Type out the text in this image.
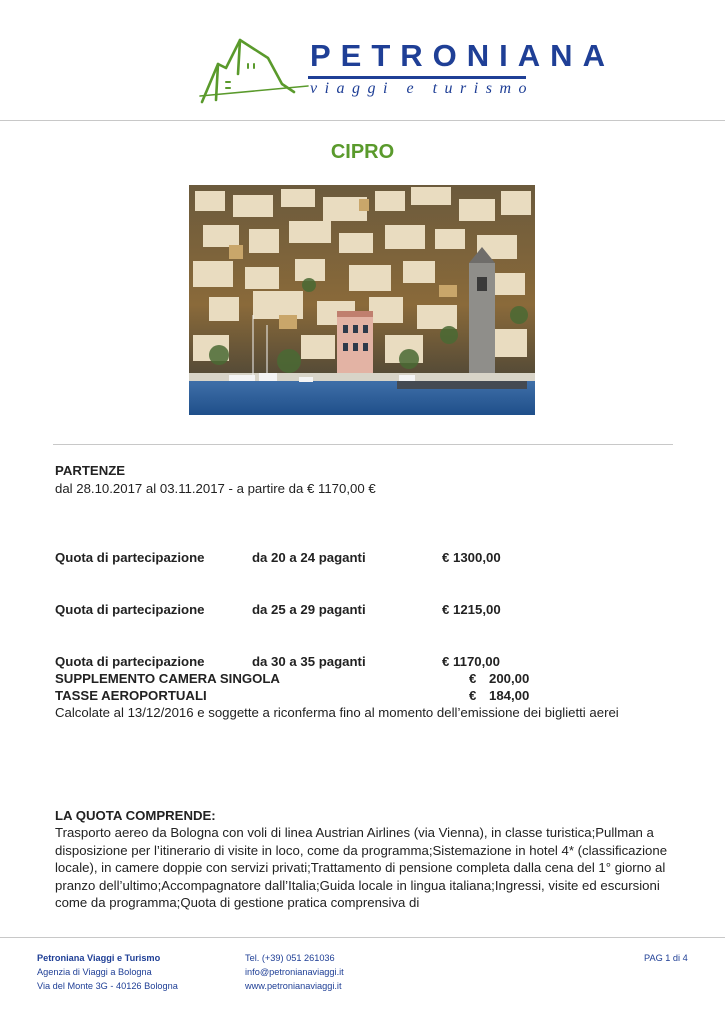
PETRONIANA
viaggi e turismo
CIPRO
PARTENZE
dal 28.10.2017 al 03.11.2017 - a partire da € 1170,00 €
Quota di partecipazione	da 20 a 24 paganti	€ 1300,00
Quota di partecipazione	da 25 a 29 paganti	€ 1215,00
Quota di partecipazione	da 30 a 35 paganti	€ 1170,00
SUPPLEMENTO CAMERA SINGOLA	€ 200,00
TASSE AEROPORTUALI	€ 184,00
Calcolate al 13/12/2016 e soggette a riconferma fino al momento dell’emissione dei biglietti aerei
LA QUOTA COMPRENDE:
Trasporto aereo da Bologna con voli di linea Austrian Airlines (via Vienna), in classe turistica;Pullman a disposizione per l’itinerario di visite in loco, come da programma;Sistemazione in hotel 4* (classificazione locale), in camere doppie con servizi privati;Trattamento di pensione completa dalla cena del 1° giorno al pranzo dell’ultimo;Accompagnatore dall’Italia;Guida locale in lingua italiana;Ingressi, visite ed escursioni come da programma;Quota di gestione pratica comprensiva di
Petroniana Viaggi e Turismo
Agenzia di Viaggi a Bologna
Via del Monte 3G - 40126 Bologna
Tel. (+39) 051 261036
info@petronianaviaggi.it
www.petronianaviaggi.it
PAG 1 di 4
